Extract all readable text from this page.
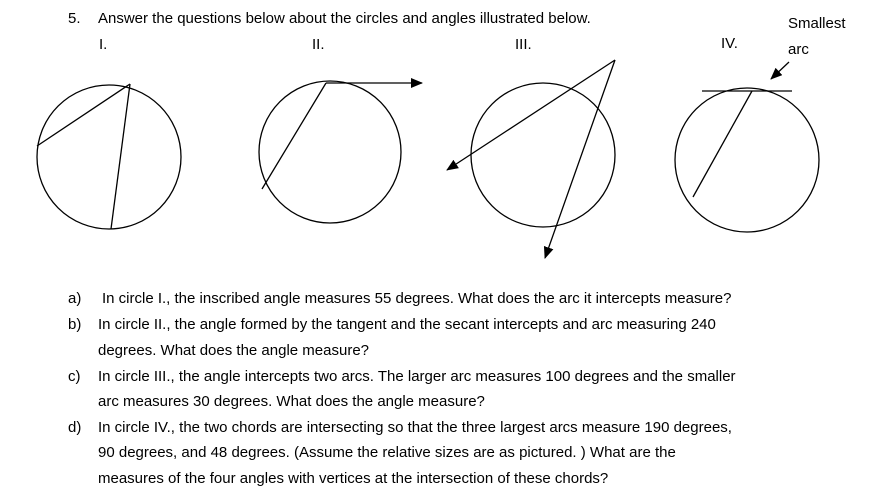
5. Answer the questions below about the circles and angles illustrated below.
I.	II.	III.	IV.
Smallest
arc
a) In circle I., the inscribed angle measures 55 degrees. What does the arc it intercepts measure?
b) In circle II., the angle formed by the tangent and the secant intercepts and arc measuring 240
degrees. What does the angle measure?
c) In circle III., the angle intercepts two arcs. The larger arc measures 100 degrees and the smaller
arc measures 30 degrees. What does the angle measure?
d) In circle IV., the two chords are intersecting so that the three largest arcs measure 190 degrees,
90 degrees, and 48 degrees. (Assume the relative sizes are as pictured. ) What are the
measures of the four angles with vertices at the intersection of these chords?
